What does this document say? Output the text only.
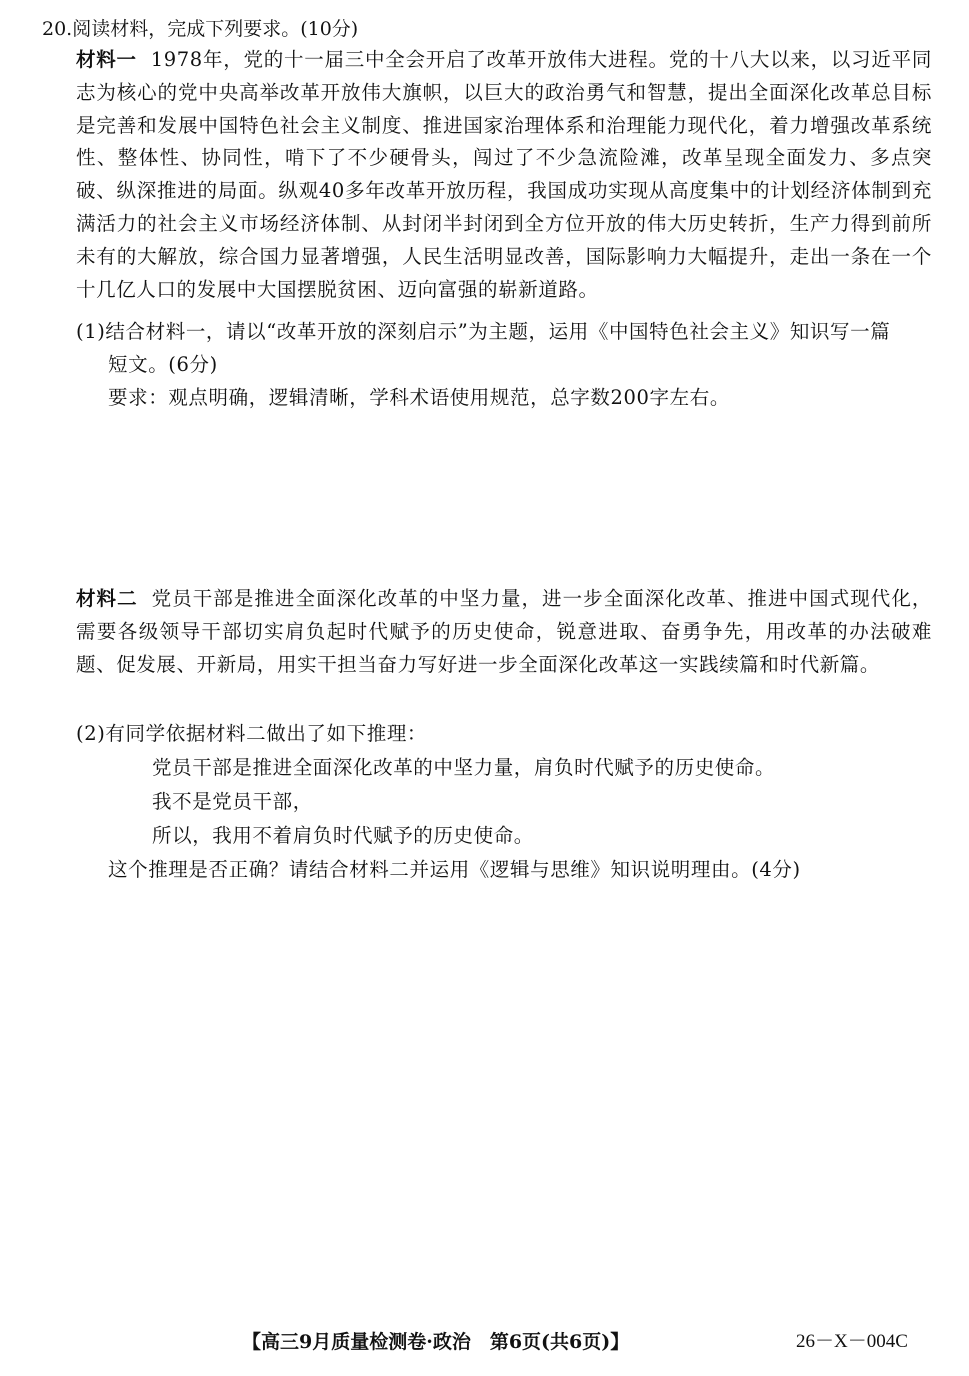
20.阅读材料，完成下列要求。(10分)
材料一 1978年，党的十一届三中全会开启了改革开放伟大进程。党的十八大以来，以习近平同志为核心的党中央高举改革开放伟大旗帜，以巨大的政治勇气和智慧，提出全面深化改革总目标是完善和发展中国特色社会主义制度、推进国家治理体系和治理能力现代化，着力增强改革系统性、整体性、协同性，啃下了不少硬骨头，闯过了不少急流险滩，改革呈现全面发力、多点突破、纵深推进的局面。纵观40多年改革开放历程，我国成功实现从高度集中的计划经济体制到充满活力的社会主义市场经济体制、从封闭半封闭到全方位开放的伟大历史转折，生产力得到前所未有的大解放，综合国力显著增强，人民生活明显改善，国际影响力大幅提升，走出一条在一个十几亿人口的发展中大国摆脱贫困、迈向富强的崭新道路。
(1)结合材料一，请以“改革开放的深刻启示”为主题，运用《中国特色社会主义》知识写一篇
短文。(6分)
要求：观点明确，逻辑清晰，学科术语使用规范，总字数200字左右。
材料二 党员干部是推进全面深化改革的中坚力量，进一步全面深化改革、推进中国式现代化，需要各级领导干部切实肩负起时代赋予的历史使命，锐意进取、奋勇争先，用改革的办法破难题、促发展、开新局，用实干担当奋力写好进一步全面深化改革这一实践续篇和时代新篇。
(2)有同学依据材料二做出了如下推理：
党员干部是推进全面深化改革的中坚力量，肩负时代赋予的历史使命。
我不是党员干部，
所以，我用不着肩负时代赋予的历史使命。
这个推理是否正确？请结合材料二并运用《逻辑与思维》知识说明理由。(4分)
【高三9月质量检测卷·政治　第6页(共6页)】	26－X－004C
